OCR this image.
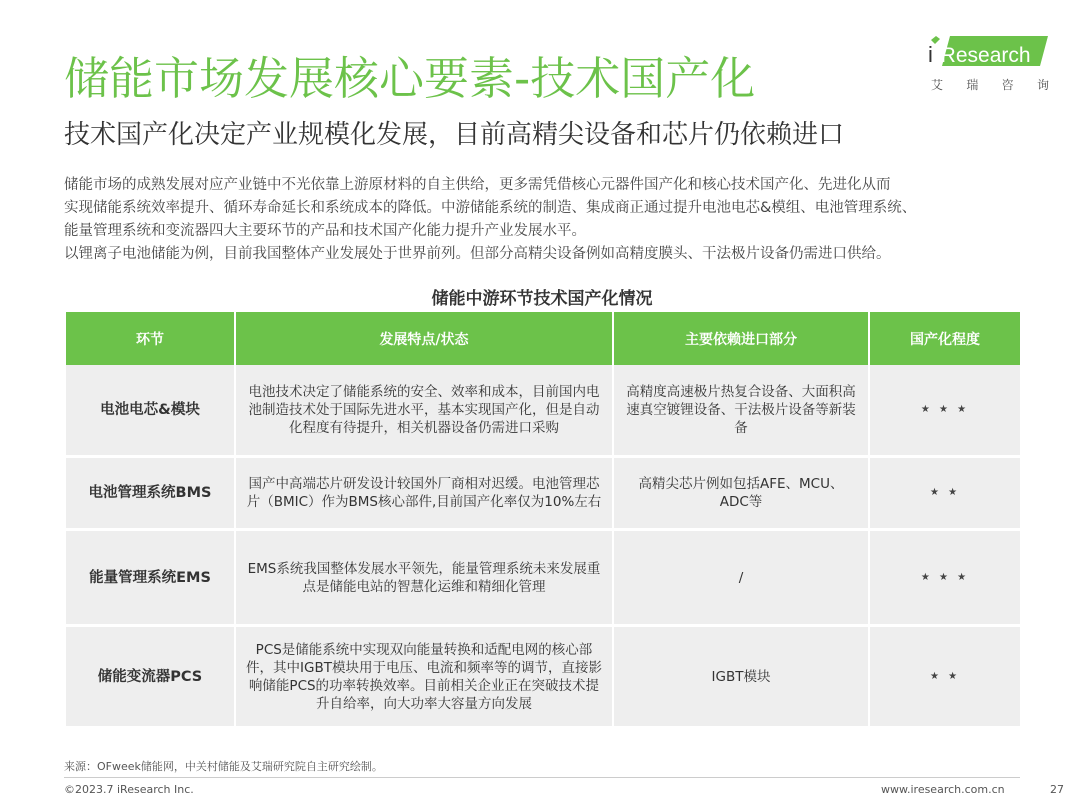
储能市场发展核心要素-技术国产化	i iResearch
艾 瑞 咨 询
技术国产化决定产业规模化发展，目前高精尖设备和芯片仍依赖进口

储能市场的成熟发展对应产业链中不光依靠上游原材料的自主供给，更多需凭借核心元器件国产化和核心技术国产化、先进化从而

实现储能系统效率提升、循环寿命延长和系统成本的降低。中游储能系统的制造、集成商正通过提升电池电芯&模组、电池管理系统、

能量管理系统和变流器四大主要环节的产品和技术国产化能力提升产业发展水平。

以锂离子电池储能为例，目前我国整体产业发展处于世界前列。但部分高精尖设备例如高精度膜头、干法极片设备仍需进口供给。

储能中游环节技术国产化情况
环节	发展特点/状态	主要依赖进口部分	国产化程度
电池电芯&模块	电池技术决定了储能系统的安全、效率和成本，目前国内电池制造技术处于国际先进水平，基本实现国产化，但是自动化程度有待提升，相关机器设备仍需进口采购	高精度高速极片热复合设备、大面积高速真空镀锂设备、干法极片设备等新装备	★ ★ ★
电池管理系统BMS	国产中高端芯片研发设计较国外厂商相对迟缓。电池管理芯片（BMIC）作为BMS核心部件,目前国产化率仅为10%左右	高精尖芯片例如包括AFE、MCU、ADC等	★ ★
能量管理系统EMS	EMS系统我国整体发展水平领先，能量管理系统未来发展重点是储能电站的智慧化运维和精细化管理	/	★ ★ ★
储能变流器PCS	PCS是储能系统中实现双向能量转换和适配电网的核心部件，其中IGBT模块用于电压、电流和频率等的调节，直接影响储能PCS的功率转换效率。目前相关企业正在突破技术提升自给率，向大功率大容量方向发展	IGBT模块	★ ★
来源：OFweek储能网，中关村储能及艾瑞研究院自主研究绘制。
©2023.7 iResearch Inc.	www.iresearch.com.cn	27
